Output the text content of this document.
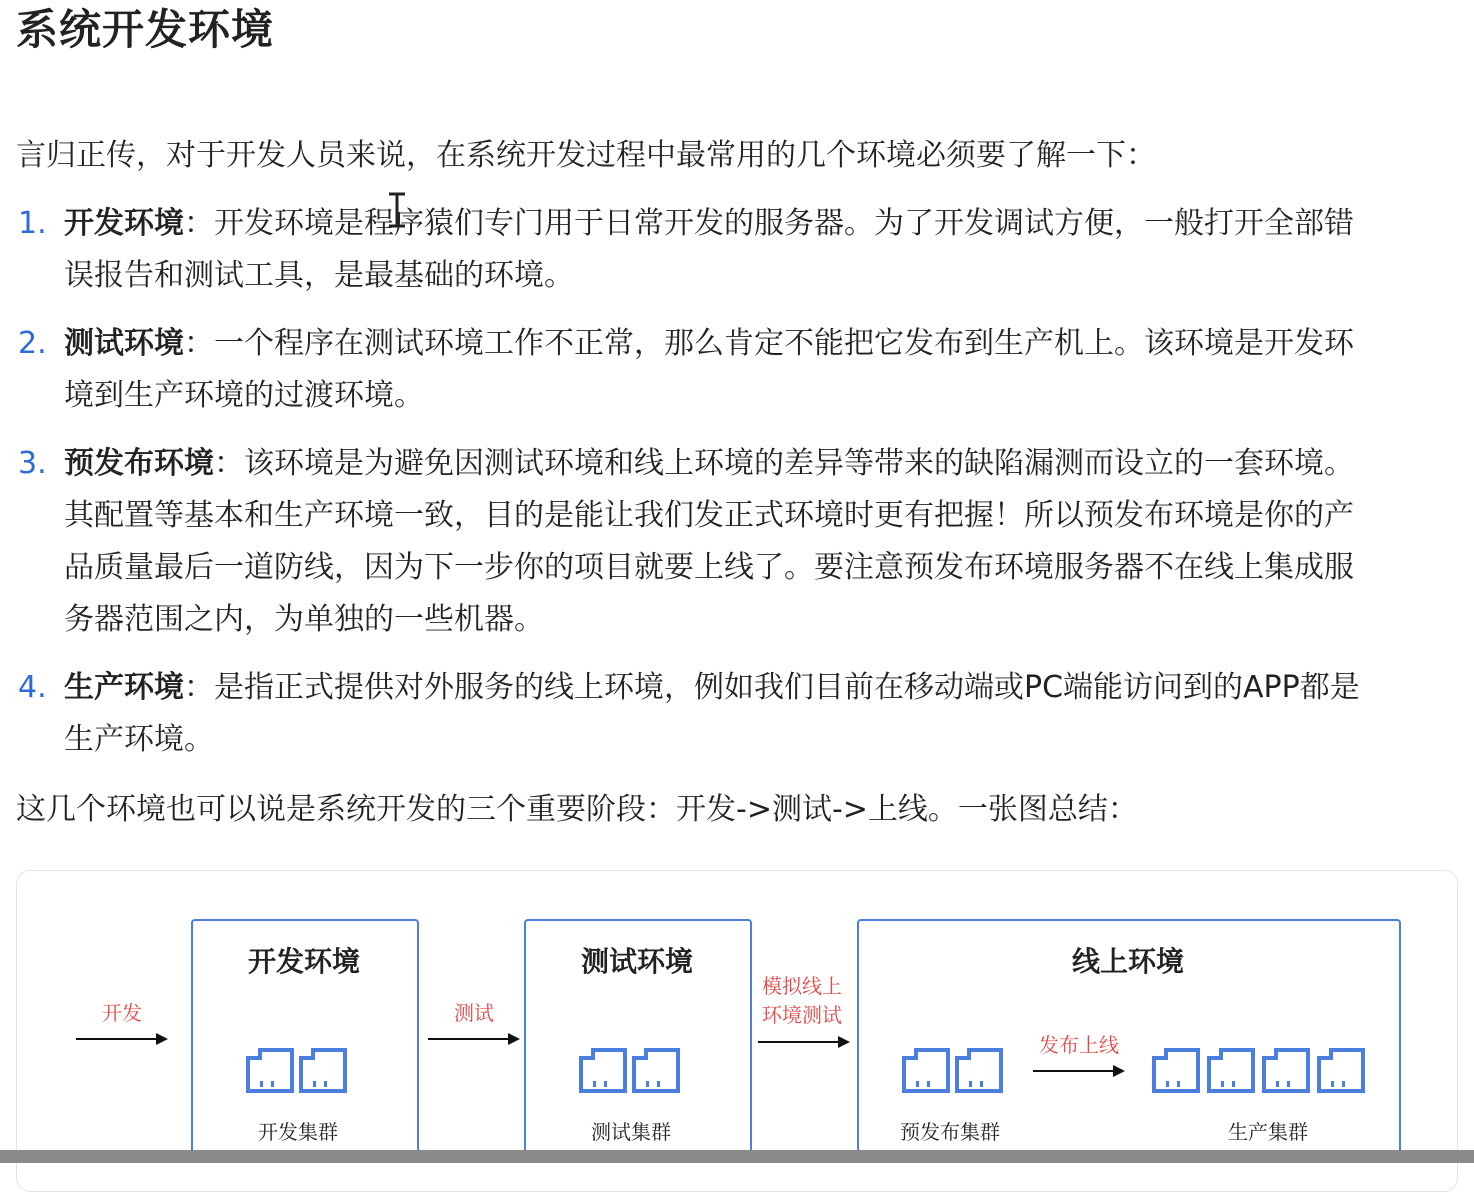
系统开发环境
言归正传，对于开发人员来说，在系统开发过程中最常用的几个环境必须要了解一下：
1. 开发环境：开发环境是程序猿们专门用于日常开发的服务器。为了开发调试方便，一般打开全部错
误报告和测试工具，是最基础的环境。
2. 测试环境：一个程序在测试环境工作不正常，那么肯定不能把它发布到生产机上。该环境是开发环
境到生产环境的过渡环境。
3. 预发布环境：该环境是为避免因测试环境和线上环境的差异等带来的缺陷漏测而设立的一套环境。
其配置等基本和生产环境一致，目的是能让我们发正式环境时更有把握！所以预发布环境是你的产
品质量最后一道防线，因为下一步你的项目就要上线了。要注意预发布环境服务器不在线上集成服
务器范围之内，为单独的一些机器。
4. 生产环境：是指正式提供对外服务的线上环境，例如我们目前在移动端或PC端能访问到的APP都是
生产环境。
这几个环境也可以说是系统开发的三个重要阶段：开发->测试->上线。一张图总结：
开发环境	测试环境	线上环境
开发	测试
模拟线上
环境测试
发布上线
开发集群	测试集群	预发布集群	生产集群
